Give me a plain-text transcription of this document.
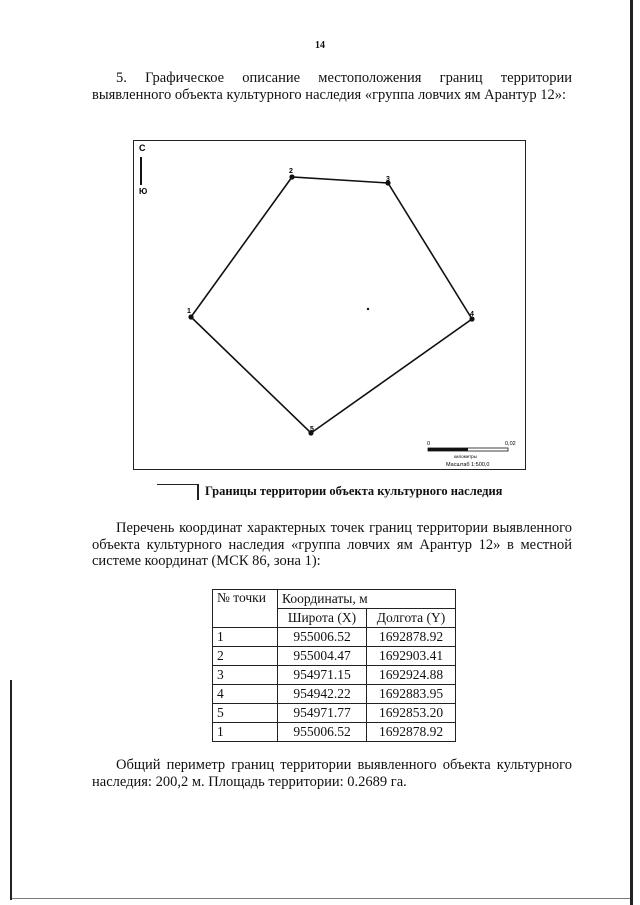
14
5. Графическое описание местоположения границ территории выявленного объекта культурного наследия «группа ловчих ям Арантур 12»:
С
Ю
1
2
3
4
5
0	0,02
километры
Масштаб 1:500,0
Границы территории объекта культурного наследия
Перечень координат характерных точек границ территории выявленного объекта культурного наследия «группа ловчих ям Арантур 12» в местной системе координат (МСК 86, зона 1):
№ точки	Координаты, м	
	Широта (X)	Долгота (Y)
1	955006.52	1692878.92
2	955004.47	1692903.41
3	954971.15	1692924.88
4	954942.22	1692883.95
5	954971.77	1692853.20
1	955006.52	1692878.92
Общий периметр границ территории выявленного объекта культурного наследия: 200,2 м. Площадь территории: 0.2689 га.
